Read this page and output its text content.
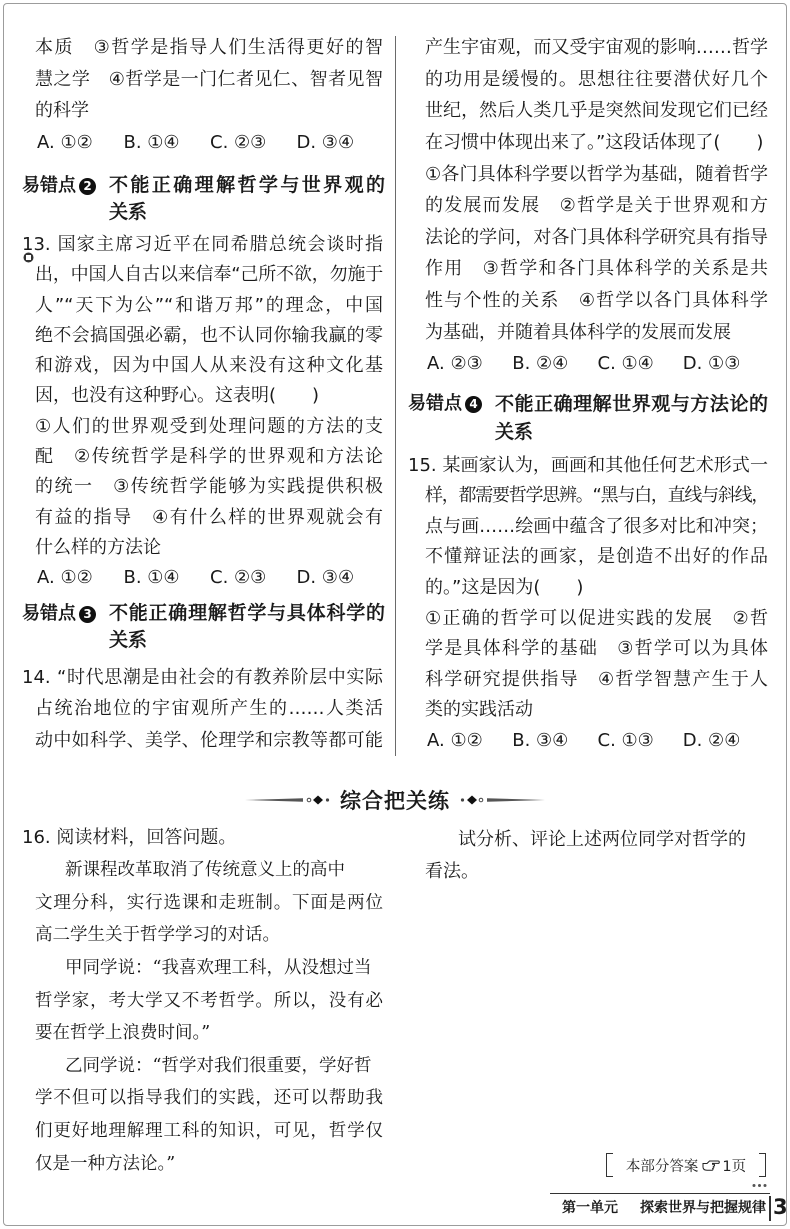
本质　③哲学是指导人们生活得更好的智
慧之学　④哲学是一门仁者见仁、智者见智
的科学
A. ①②	B. ①④	C. ②③	D. ③④
易错点 2 不能正确理解哲学与世界观的
关系
13. 国家主席习近平在同希腊总统会谈时指
出，中国人自古以来信奉“己所不欲，勿施于
人”“天下为公”“和谐万邦”的理念，中国
绝不会搞国强必霸，也不认同你输我赢的零
和游戏，因为中国人从来没有这种文化基
因，也没有这种野心。这表明(　　)
①人们的世界观受到处理问题的方法的支
配　②传统哲学是科学的世界观和方法论
的统一　③传统哲学能够为实践提供积极
有益的指导　④有什么样的世界观就会有
什么样的方法论
A. ①②	B. ①④	C. ②③	D. ③④
易错点 3 不能正确理解哲学与具体科学的
关系
14. “时代思潮是由社会的有教养阶层中实际
占统治地位的宇宙观所产生的……人类活
动中如科学、美学、伦理学和宗教等都可能
产生宇宙观，而又受宇宙观的影响……哲学
的功用是缓慢的。思想往往要潜伏好几个
世纪，然后人类几乎是突然间发现它们已经
在习惯中体现出来了。”这段话体现了(　　)
①各门具体科学要以哲学为基础，随着哲学
的发展而发展　②哲学是关于世界观和方
法论的学问，对各门具体科学研究具有指导
作用　③哲学和各门具体科学的关系是共
性与个性的关系　④哲学以各门具体科学
为基础，并随着具体科学的发展而发展
A. ②③	B. ②④	C. ①④	D. ①③
易错点 4 不能正确理解世界观与方法论的
关系
15. 某画家认为，画画和其他任何艺术形式一
样，都需要哲学思辨。“黑与白，直线与斜线，
点与画……绘画中蕴含了很多对比和冲突；
不懂辩证法的画家，是创造不出好的作品
的。”这是因为(　　)
①正确的哲学可以促进实践的发展　②哲
学是具体科学的基础　③哲学可以为具体
科学研究提供指导　④哲学智慧产生于人
类的实践活动
A. ①②	B. ③④	C. ①③	D. ②④
综合把关练
16. 阅读材料，回答问题。
新课程改革取消了传统意义上的高中
文理分科，实行选课和走班制。下面是两位
高二学生关于哲学学习的对话。
甲同学说：“我喜欢理工科，从没想过当
哲学家，考大学又不考哲学。所以，没有必
要在哲学上浪费时间。”
乙同学说：“哲学对我们很重要，学好哲
学不但可以指导我们的实践，还可以帮助我
们更好地理解理工科的知识，可见，哲学仅
仅是一种方法论。”
试分析、评论上述两位同学对哲学的
看法。
本部分答案 1页
第一单元 探索世界与把握规律 3
